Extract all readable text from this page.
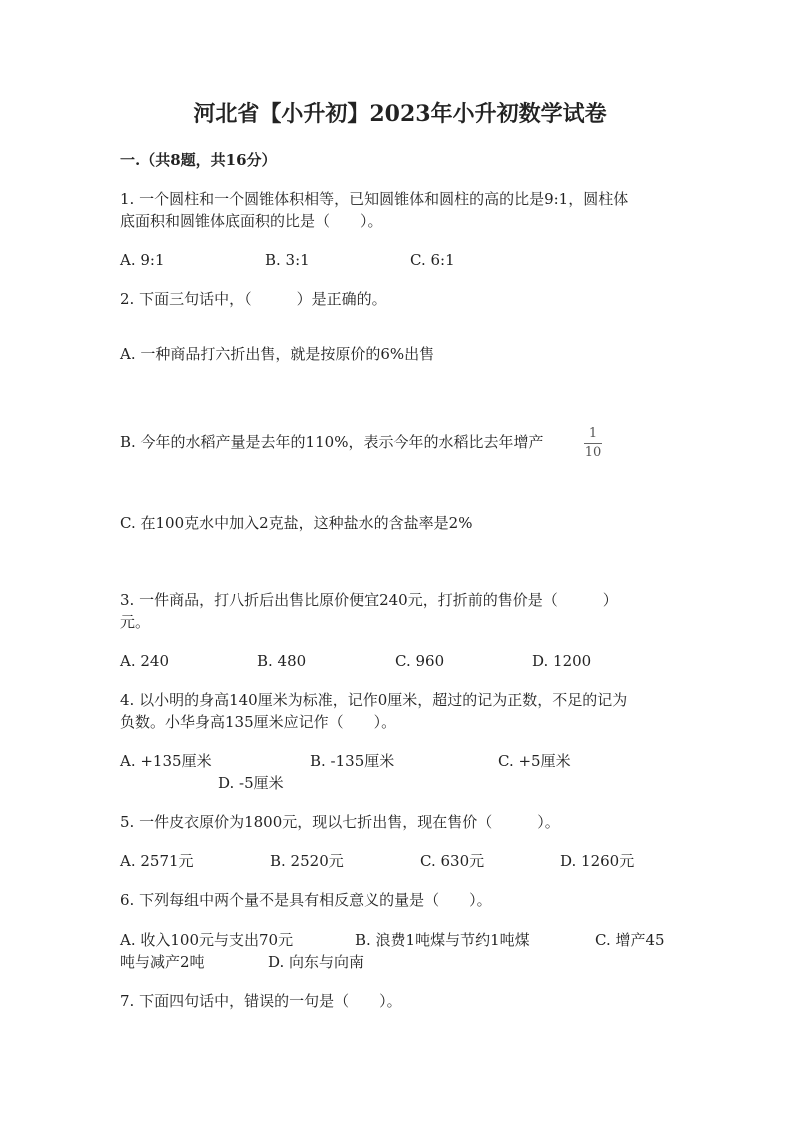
河北省【小升初】2023年小升初数学试卷
一.（共8题，共16分）
1. 一个圆柱和一个圆锥体积相等，已知圆锥体和圆柱的高的比是9:1，圆柱体
底面积和圆锥体底面积的比是（　　）。
A. 9:1	B. 3:1	C. 6:1
2. 下面三句话中，（　　　）是正确的。
A. 一种商品打六折出售，就是按原价的6%出售
B. 今年的水稻产量是去年的110%，表示今年的水稻比去年增产	1
10
C. 在100克水中加入2克盐，这种盐水的含盐率是2%
3. 一件商品，打八折后出售比原价便宜240元，打折前的售价是（　　　）
元。
A. 240	B. 480	C. 960	D. 1200
4. 以小明的身高140厘米为标准，记作0厘米，超过的记为正数，不足的记为
负数。小华身高135厘米应记作（　　）。
A. +135厘米	B. -135厘米	C. +5厘米
D. -5厘米
5. 一件皮衣原价为1800元，现以七折出售，现在售价（　　　）。
A. 2571元	B. 2520元	C. 630元	D. 1260元
6. 下列每组中两个量不是具有相反意义的量是（　　）。
A. 收入100元与支出70元	B. 浪费1吨煤与节约1吨煤	C. 增产45
吨与减产2吨	D. 向东与向南
7. 下面四句话中，错误的一句是（　　）。
